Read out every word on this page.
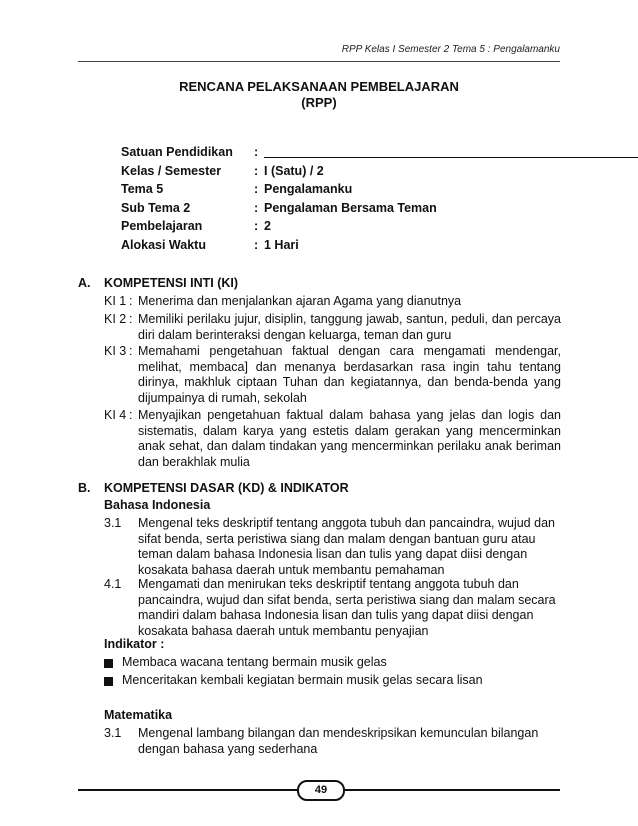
RPP Kelas I Semester 2 Tema 5 : Pengalamanku
RENCANA PELAKSANAAN PEMBELAJARAN
(RPP)
Satuan Pendidikan	:
Kelas / Semester	: I (Satu) / 2
Tema 5	: Pengalamanku
Sub Tema 2	: Pengalaman Bersama Teman
Pembelajaran	: 2
Alokasi Waktu	: 1 Hari
A. KOMPETENSI INTI (KI)
KI 1 : Menerima dan menjalankan ajaran Agama yang dianutnya
KI 2 : Memiliki perilaku jujur, disiplin, tanggung jawab, santun, peduli, dan percaya diri dalam berinteraksi dengan keluarga, teman dan guru
KI 3 : Memahami pengetahuan faktual dengan cara mengamati mendengar, melihat, membaca] dan menanya berdasarkan rasa ingin tahu tentang dirinya, makhluk ciptaan Tuhan dan kegiatannya, dan benda-benda yang dijumpainya di rumah, sekolah
KI 4 : Menyajikan pengetahuan faktual dalam bahasa yang jelas dan logis dan sistematis, dalam karya yang estetis dalam gerakan yang mencerminkan anak sehat, dan dalam tindakan yang mencerminkan perilaku anak beriman dan berakhlak mulia
B. KOMPETENSI DASAR (KD) & INDIKATOR
Bahasa Indonesia
3.1 Mengenal teks deskriptif tentang anggota tubuh dan pancaindra, wujud dan sifat benda, serta peristiwa siang dan malam dengan bantuan guru atau teman dalam bahasa Indonesia lisan dan tulis yang dapat diisi dengan kosakata bahasa daerah untuk membantu pemahaman
4.1 Mengamati dan menirukan teks deskriptif tentang anggota tubuh dan pancaindra, wujud dan sifat benda, serta peristiwa siang dan malam secara mandiri dalam bahasa Indonesia lisan dan tulis yang dapat diisi dengan kosakata bahasa daerah untuk membantu penyajian
Indikator :
Membaca wacana tentang bermain musik gelas
Menceritakan kembali kegiatan bermain musik gelas secara lisan
Matematika
3.1 Mengenal lambang bilangan dan mendeskripsikan kemunculan bilangan dengan bahasa yang sederhana
49
